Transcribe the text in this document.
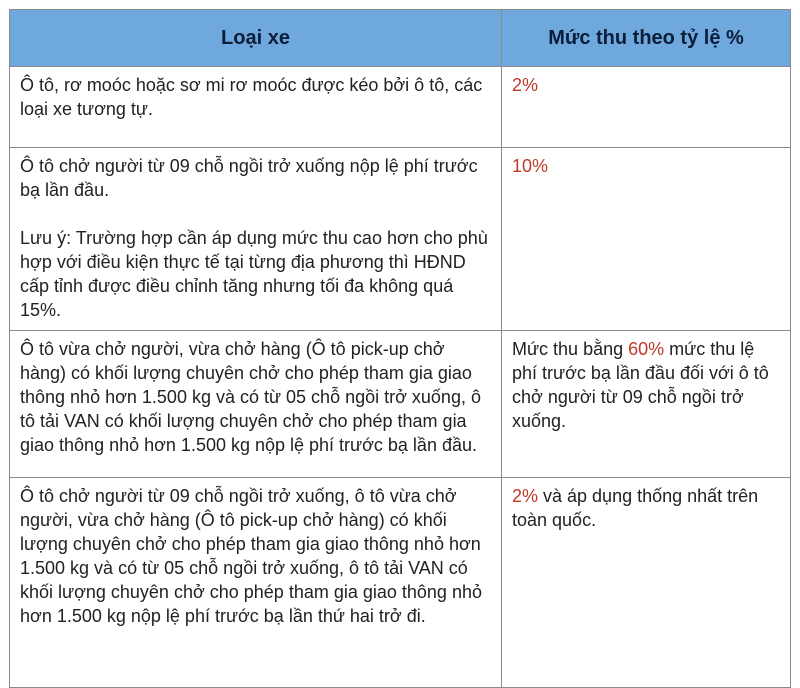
Loại xe	Mức thu theo tỷ lệ %

Ô tô, rơ moóc hoặc sơ mi rơ moóc được kéo bởi ô tô, các loại xe tương tự.	2%

Ô tô chở người từ 09 chỗ ngồi trở xuống nộp lệ phí trước bạ lần đầu.

Lưu ý: Trường hợp cần áp dụng mức thu cao hơn cho phù hợp với điều kiện thực tế tại từng địa phương thì HĐND cấp tỉnh được điều chỉnh tăng nhưng tối đa không quá 15%.	10%

Ô tô vừa chở người, vừa chở hàng (Ô tô pick-up chở hàng) có khối lượng chuyên chở cho phép tham gia giao thông nhỏ hơn 1.500 kg và có từ 05 chỗ ngồi trở xuống, ô tô tải VAN có khối lượng chuyên chở cho phép tham gia giao thông nhỏ hơn 1.500 kg nộp lệ phí trước bạ lần đầu.	Mức thu bằng 60% mức thu lệ phí trước bạ lần đầu đối với ô tô chở người từ 09 chỗ ngồi trở xuống.

Ô tô chở người từ 09 chỗ ngồi trở xuống, ô tô vừa chở người, vừa chở hàng (Ô tô pick-up chở hàng) có khối lượng chuyên chở cho phép tham gia giao thông nhỏ hơn 1.500 kg và có từ 05 chỗ ngồi trở xuống, ô tô tải VAN có khối lượng chuyên chở cho phép tham gia giao thông nhỏ hơn 1.500 kg nộp lệ phí trước bạ lần thứ hai trở đi.	2% và áp dụng thống nhất trên toàn quốc.
